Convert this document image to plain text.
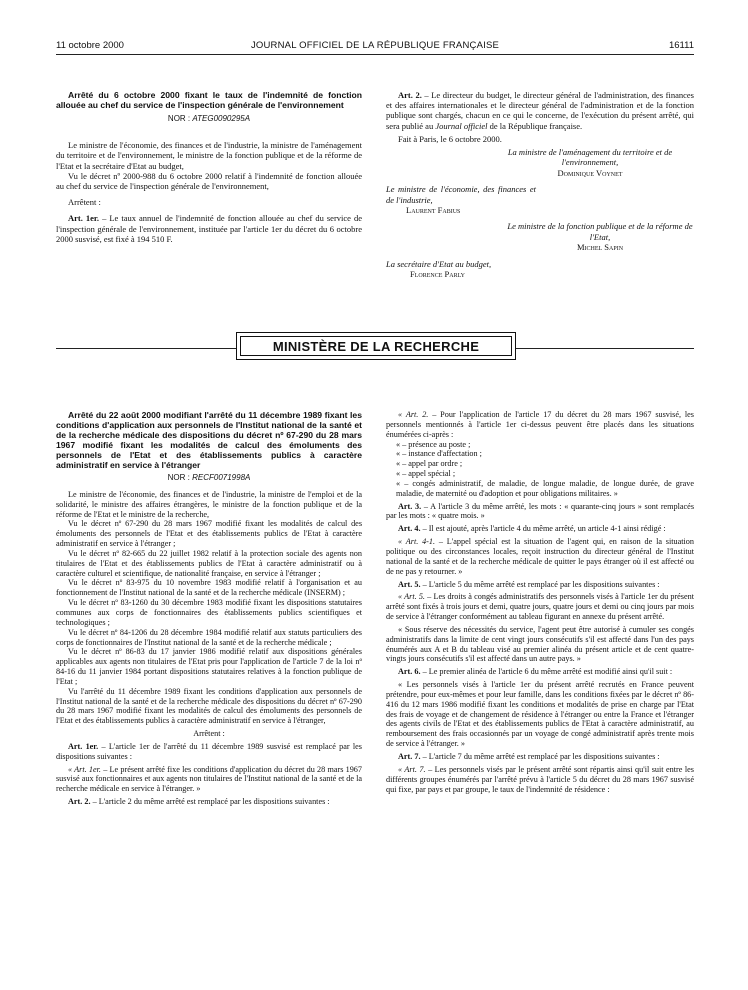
11 octobre 2000	JOURNAL OFFICIEL DE LA RÉPUBLIQUE FRANÇAISE	16111

Arrêté du 6 octobre 2000 fixant le taux de l'indemnité de fonction allouée au chef du service de l'inspection générale de l'environnement

NOR : ATEG0090295A

Le ministre de l'économie, des finances et de l'industrie, la ministre de l'aménagement du territoire et de l'environnement, le ministre de la fonction publique et de la réforme de l'Etat et la secrétaire d'Etat au budget,

Vu le décret nº 2000-988 du 6 octobre 2000 relatif à l'indemnité de fonction allouée au chef du service de l'inspection générale de l'environnement,

Arrêtent :

Art. 1er. – Le taux annuel de l'indemnité de fonction allouée au chef du service de l'inspection générale de l'environnement, instituée par l'article 1er du décret du 6 octobre 2000 susvisé, est fixé à 194 510 F.

Art. 2. – Le directeur du budget, le directeur général de l'administration, des finances et des affaires internationales et le directeur général de l'administration et de la fonction publique sont chargés, chacun en ce qui le concerne, de l'exécution du présent arrêté, qui sera publié au Journal officiel de la République française.

Fait à Paris, le 6 octobre 2000.

La ministre de l'aménagement du territoire et de l'environnement,

Dominique Voynet

Le ministre de l'économie, des finances et de l'industrie,

Laurent Fabius

Le ministre de la fonction publique et de la réforme de l'Etat,

Michel Sapin

La secrétaire d'Etat au budget,

Florence Parly

MINISTÈRE DE LA RECHERCHE

Arrêté du 22 août 2000 modifiant l'arrêté du 11 décembre 1989 fixant les conditions d'application aux personnels de l'Institut national de la santé et de la recherche médicale des dispositions du décret nº 67-290 du 28 mars 1967 modifié fixant les modalités de calcul des émoluments des personnels de l'Etat et des établissements publics à caractère administratif en service à l'étranger

NOR : RECF0071998A

Le ministre de l'économie, des finances et de l'industrie, la ministre de l'emploi et de la solidarité, le ministre des affaires étrangères, le ministre de la fonction publique et de la réforme de l'Etat et le ministre de la recherche,

Vu le décret nº 67-290 du 28 mars 1967 modifié fixant les modalités de calcul des émoluments des personnels de l'Etat et des établissements publics de l'Etat à caractère administratif en service à l'étranger ;

Vu le décret nº 82-665 du 22 juillet 1982 relatif à la protection sociale des agents non titulaires de l'Etat et des établissements publics de l'Etat à caractère administratif ou à caractère culturel et scientifique, de nationalité française, en service à l'étranger ;

Vu le décret nº 83-975 du 10 novembre 1983 modifié relatif à l'organisation et au fonctionnement de l'Institut national de la santé et de la recherche médicale (INSERM) ;

Vu le décret nº 83-1260 du 30 décembre 1983 modifié fixant les dispositions statutaires communes aux corps de fonctionnaires des établissements publics scientifiques et technologiques ;

Vu le décret nº 84-1206 du 28 décembre 1984 modifié relatif aux statuts particuliers des corps de fonctionnaires de l'Institut national de la santé et de la recherche médicale ;

Vu le décret nº 86-83 du 17 janvier 1986 modifié relatif aux dispositions générales applicables aux agents non titulaires de l'Etat pris pour l'application de l'article 7 de la loi nº 84-16 du 11 janvier 1984 portant dispositions statutaires relatives à la fonction publique de l'Etat ;

Vu l'arrêté du 11 décembre 1989 fixant les conditions d'application aux personnels de l'Institut national de la santé et de la recherche médicale des dispositions du décret nº 67-290 du 28 mars 1967 modifié fixant les modalités de calcul des émoluments des personnels de l'Etat et des établissements publics à caractère administratif en service à l'étranger,

Arrêtent :

Art. 1er. – L'article 1er de l'arrêté du 11 décembre 1989 susvisé est remplacé par les dispositions suivantes :

« Art. 1er. – Le présent arrêté fixe les conditions d'application du décret du 28 mars 1967 susvisé aux fonctionnaires et aux agents non titulaires de l'Institut national de la santé et de la recherche médicale en service à l'étranger. »

Art. 2. – L'article 2 du même arrêté est remplacé par les dispositions suivantes :

« Art. 2. – Pour l'application de l'article 17 du décret du 28 mars 1967 susvisé, les personnels mentionnés à l'article 1er ci-dessus peuvent être placés dans les situations énumérées ci-après :

« – présence au poste ;

« – instance d'affectation ;

« – appel par ordre ;

« – appel spécial ;

« – congés administratif, de maladie, de longue maladie, de longue durée, de grave maladie, de maternité ou d'adoption et pour obligations militaires. »

Art. 3. – A l'article 3 du même arrêté, les mots : « quarante-cinq jours » sont remplacés par les mots : « quatre mois. »

Art. 4. – Il est ajouté, après l'article 4 du même arrêté, un article 4-1 ainsi rédigé :

« Art. 4-1. – L'appel spécial est la situation de l'agent qui, en raison de la situation politique ou des circonstances locales, reçoit instruction du directeur général de l'Institut national de la santé et de la recherche médicale de quitter le pays étranger où il est affecté ou de ne pas y retourner. »

Art. 5. – L'article 5 du même arrêté est remplacé par les dispositions suivantes :

« Art. 5. – Les droits à congés administratifs des personnels visés à l'article 1er du présent arrêté sont fixés à trois jours et demi, quatre jours, quatre jours et demi ou cinq jours par mois de service à l'étranger conformément au tableau figurant en annexe du présent arrêté.

« Sous réserve des nécessités du service, l'agent peut être autorisé à cumuler ses congés administratifs dans la limite de cent vingt jours consécutifs s'il est affecté dans l'un des pays énumérés aux A et B du tableau visé au premier alinéa du présent article et de cent quatre-vingts jours consécutifs s'il est affecté dans un autre pays. »

Art. 6. – Le premier alinéa de l'article 6 du même arrêté est modifié ainsi qu'il suit :

« Les personnels visés à l'article 1er du présent arrêté recrutés en France peuvent prétendre, pour eux-mêmes et pour leur famille, dans les conditions fixées par le décret nº 86-416 du 12 mars 1986 modifié fixant les conditions et modalités de prise en charge par l'Etat des frais de voyage et de changement de résidence à l'étranger ou entre la France et l'étranger des agents civils de l'Etat et des établissements publics de l'Etat à caractère administratif, au remboursement des frais occasionnés par un voyage de congé administratif après trente mois de service à l'étranger. »

Art. 7. – L'article 7 du même arrêté est remplacé par les dispositions suivantes :

« Art. 7. – Les personnels visés par le présent arrêté sont répartis ainsi qu'il suit entre les différents groupes énumérés par l'arrêté prévu à l'article 5 du décret du 28 mars 1967 susvisé qui fixe, par pays et par groupe, le taux de l'indemnité de résidence :
